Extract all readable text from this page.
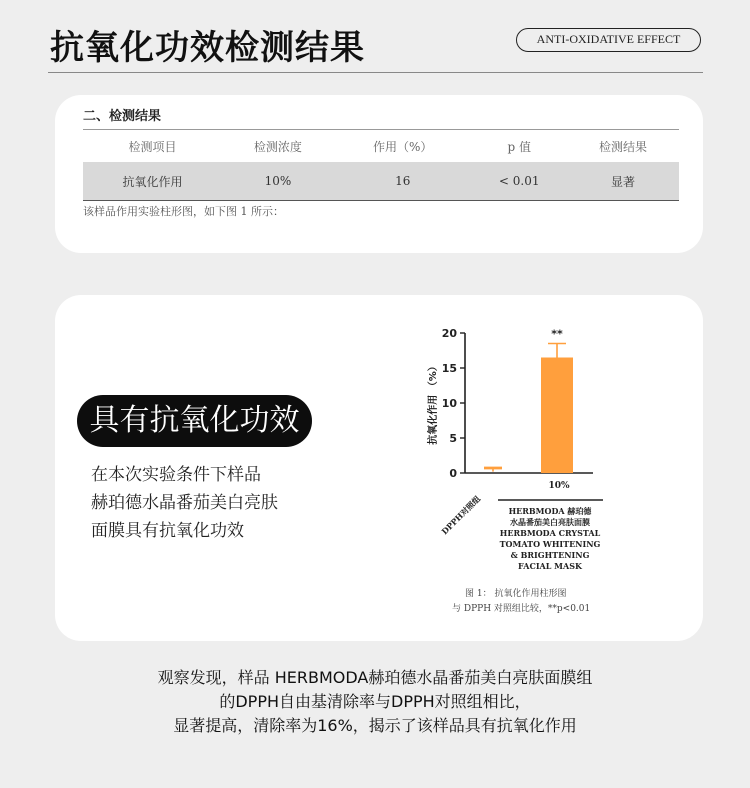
抗氧化功效检测结果	ANTI-OXIDATIVE EFFECT
二、检测结果
检测项目	检测浓度	作用（%）	p 值	检测结果
抗氧化作用	10%	16	< 0.01	显著
该样品作用实验柱形图，如下图 1 所示：
具有抗氧化功效
在本次实验条件下样品
赫珀德水晶番茄美白亮肤
面膜具有抗氧化功效
0
5
10
15
20
抗氧化作用 （%）
**
10%
DPPH对照组	HERBMODA 赫珀德
水晶番茄美白亮肤面膜
HERBMODA CRYSTAL
TOMATO WHITENING
& BRIGHTENING
FACIAL MASK
图 1： 抗氧化作用柱形图
与 DPPH 对照组比较，**p<0.01
观察发现，样品 HERBMODA赫珀德水晶番茄美白亮肤面膜组
的DPPH自由基清除率与DPPH对照组相比，
显著提高，清除率为16%，揭示了该样品具有抗氧化作用
